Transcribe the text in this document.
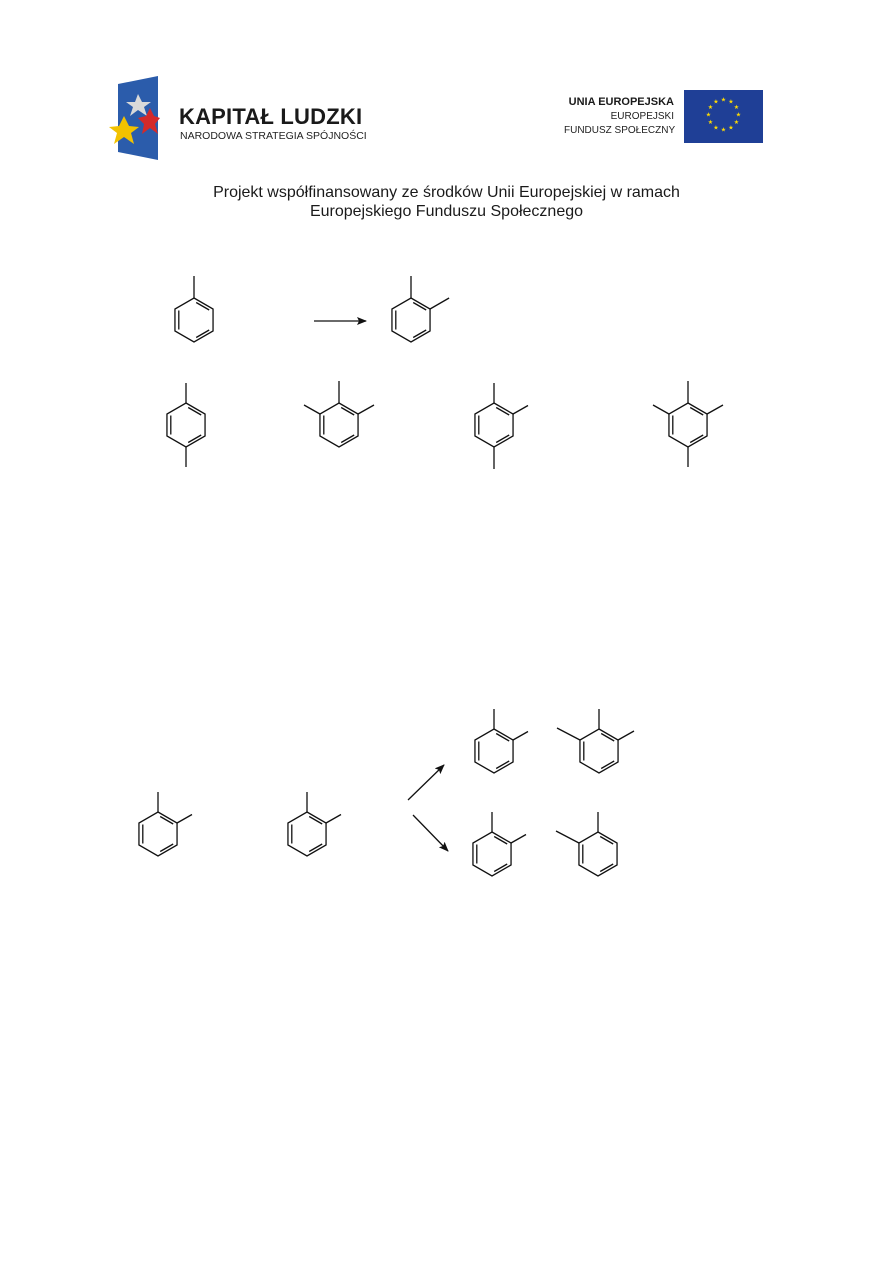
KAPITAŁ LUDZKI
NARODOWA STRATEGIA SPÓJNOŚCI
UNIA EUROPEJSKA
EUROPEJSKI
FUNDUSZ SPOŁECZNY
★ ★
★
★
★
★
★
★
★
★
★
★
Projekt współfinansowany ze środków Unii Europejskiej w ramach
Europejskiego Funduszu Społecznego
